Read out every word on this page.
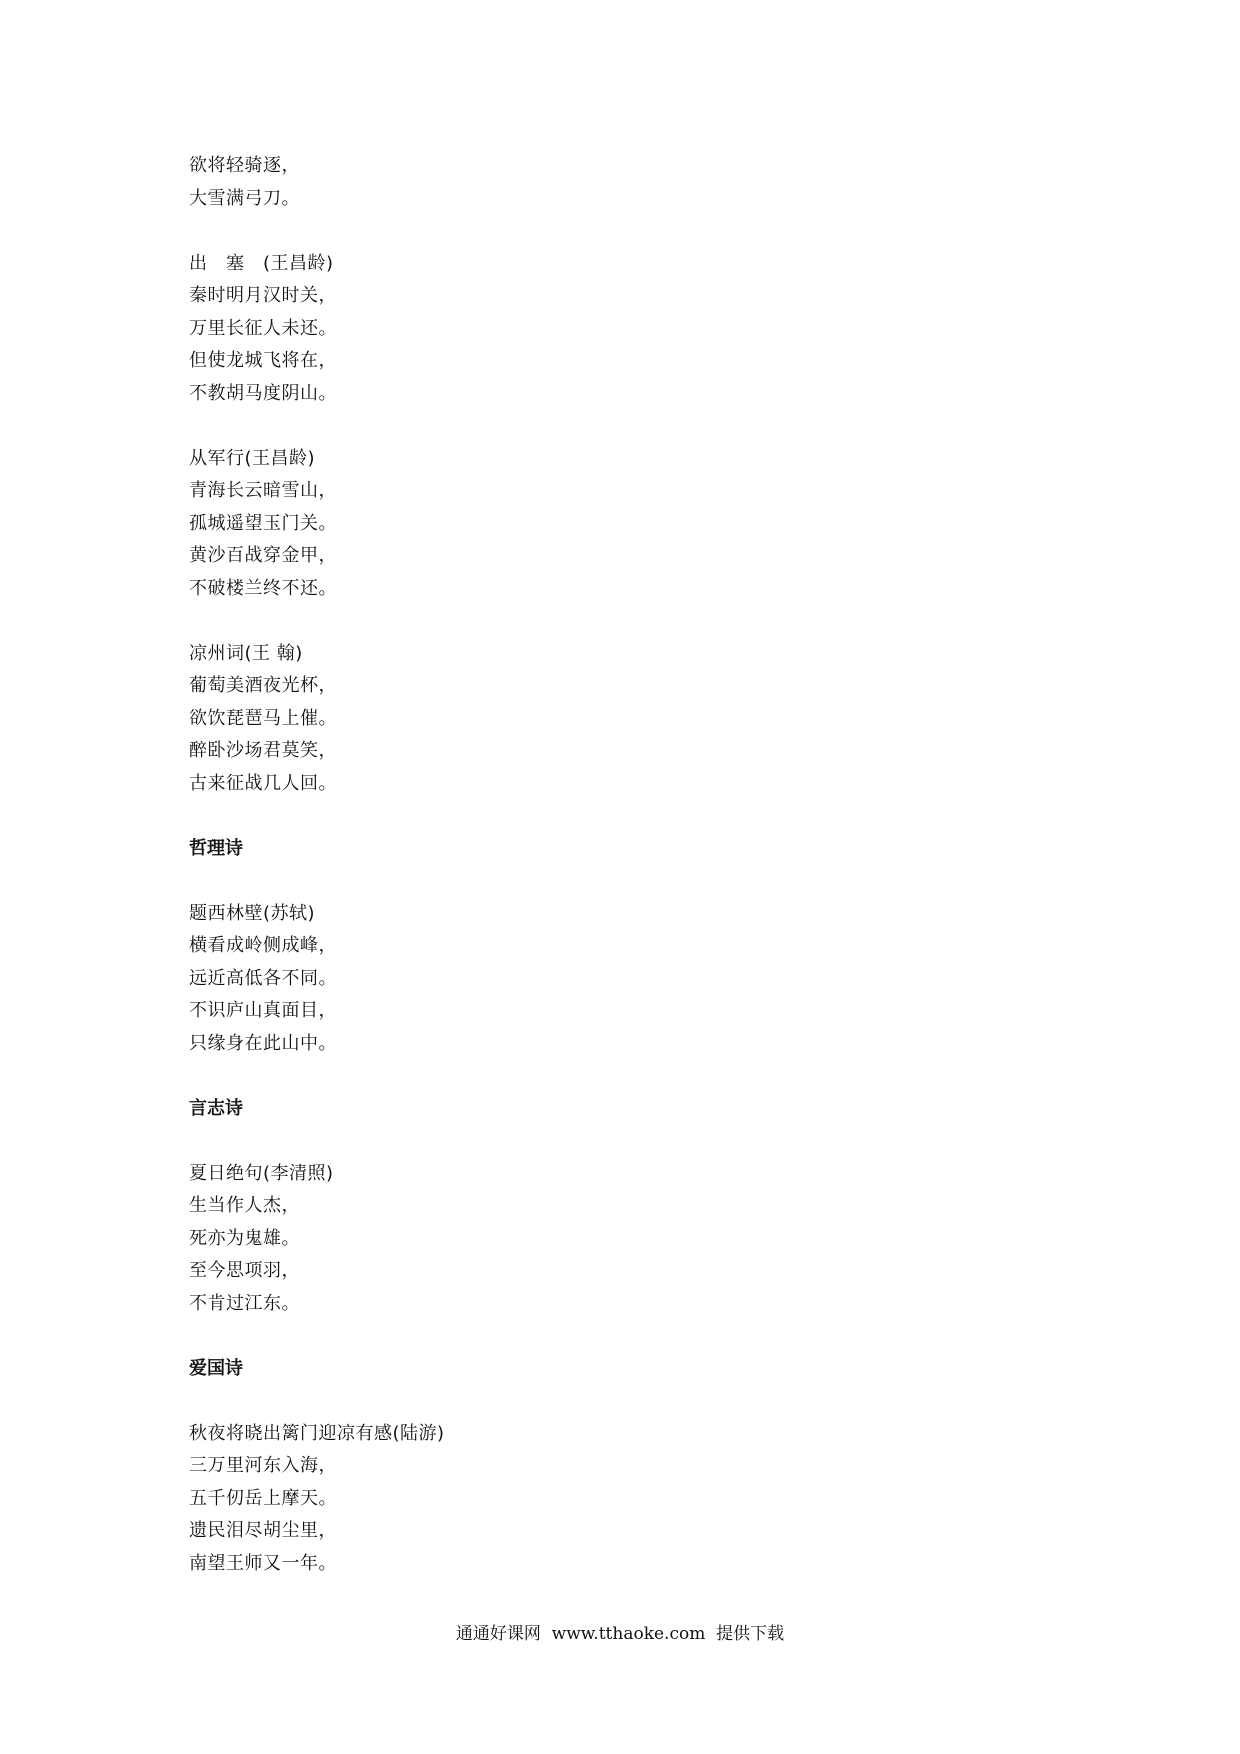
欲将轻骑逐，
大雪满弓刀。
出　塞　(王昌龄)
秦时明月汉时关，
万里长征人未还。
但使龙城飞将在，
不教胡马度阴山。
从军行(王昌龄)
青海长云暗雪山，
孤城遥望玉门关。
黄沙百战穿金甲，
不破楼兰终不还。
凉州词(王 翰)
葡萄美酒夜光杯，
欲饮琵琶马上催。
醉卧沙场君莫笑，
古来征战几人回。
哲理诗
题西林壁(苏轼)
横看成岭侧成峰，
远近高低各不同。
不识庐山真面目，
只缘身在此山中。
言志诗
夏日绝句(李清照)
生当作人杰，
死亦为鬼雄。
至今思项羽，
不肯过江东。
爱国诗
秋夜将晓出篱门迎凉有感(陆游)
三万里河东入海，
五千仞岳上摩天。
遗民泪尽胡尘里，
南望王师又一年。
通通好课网  www.tthaoke.com  提供下载
